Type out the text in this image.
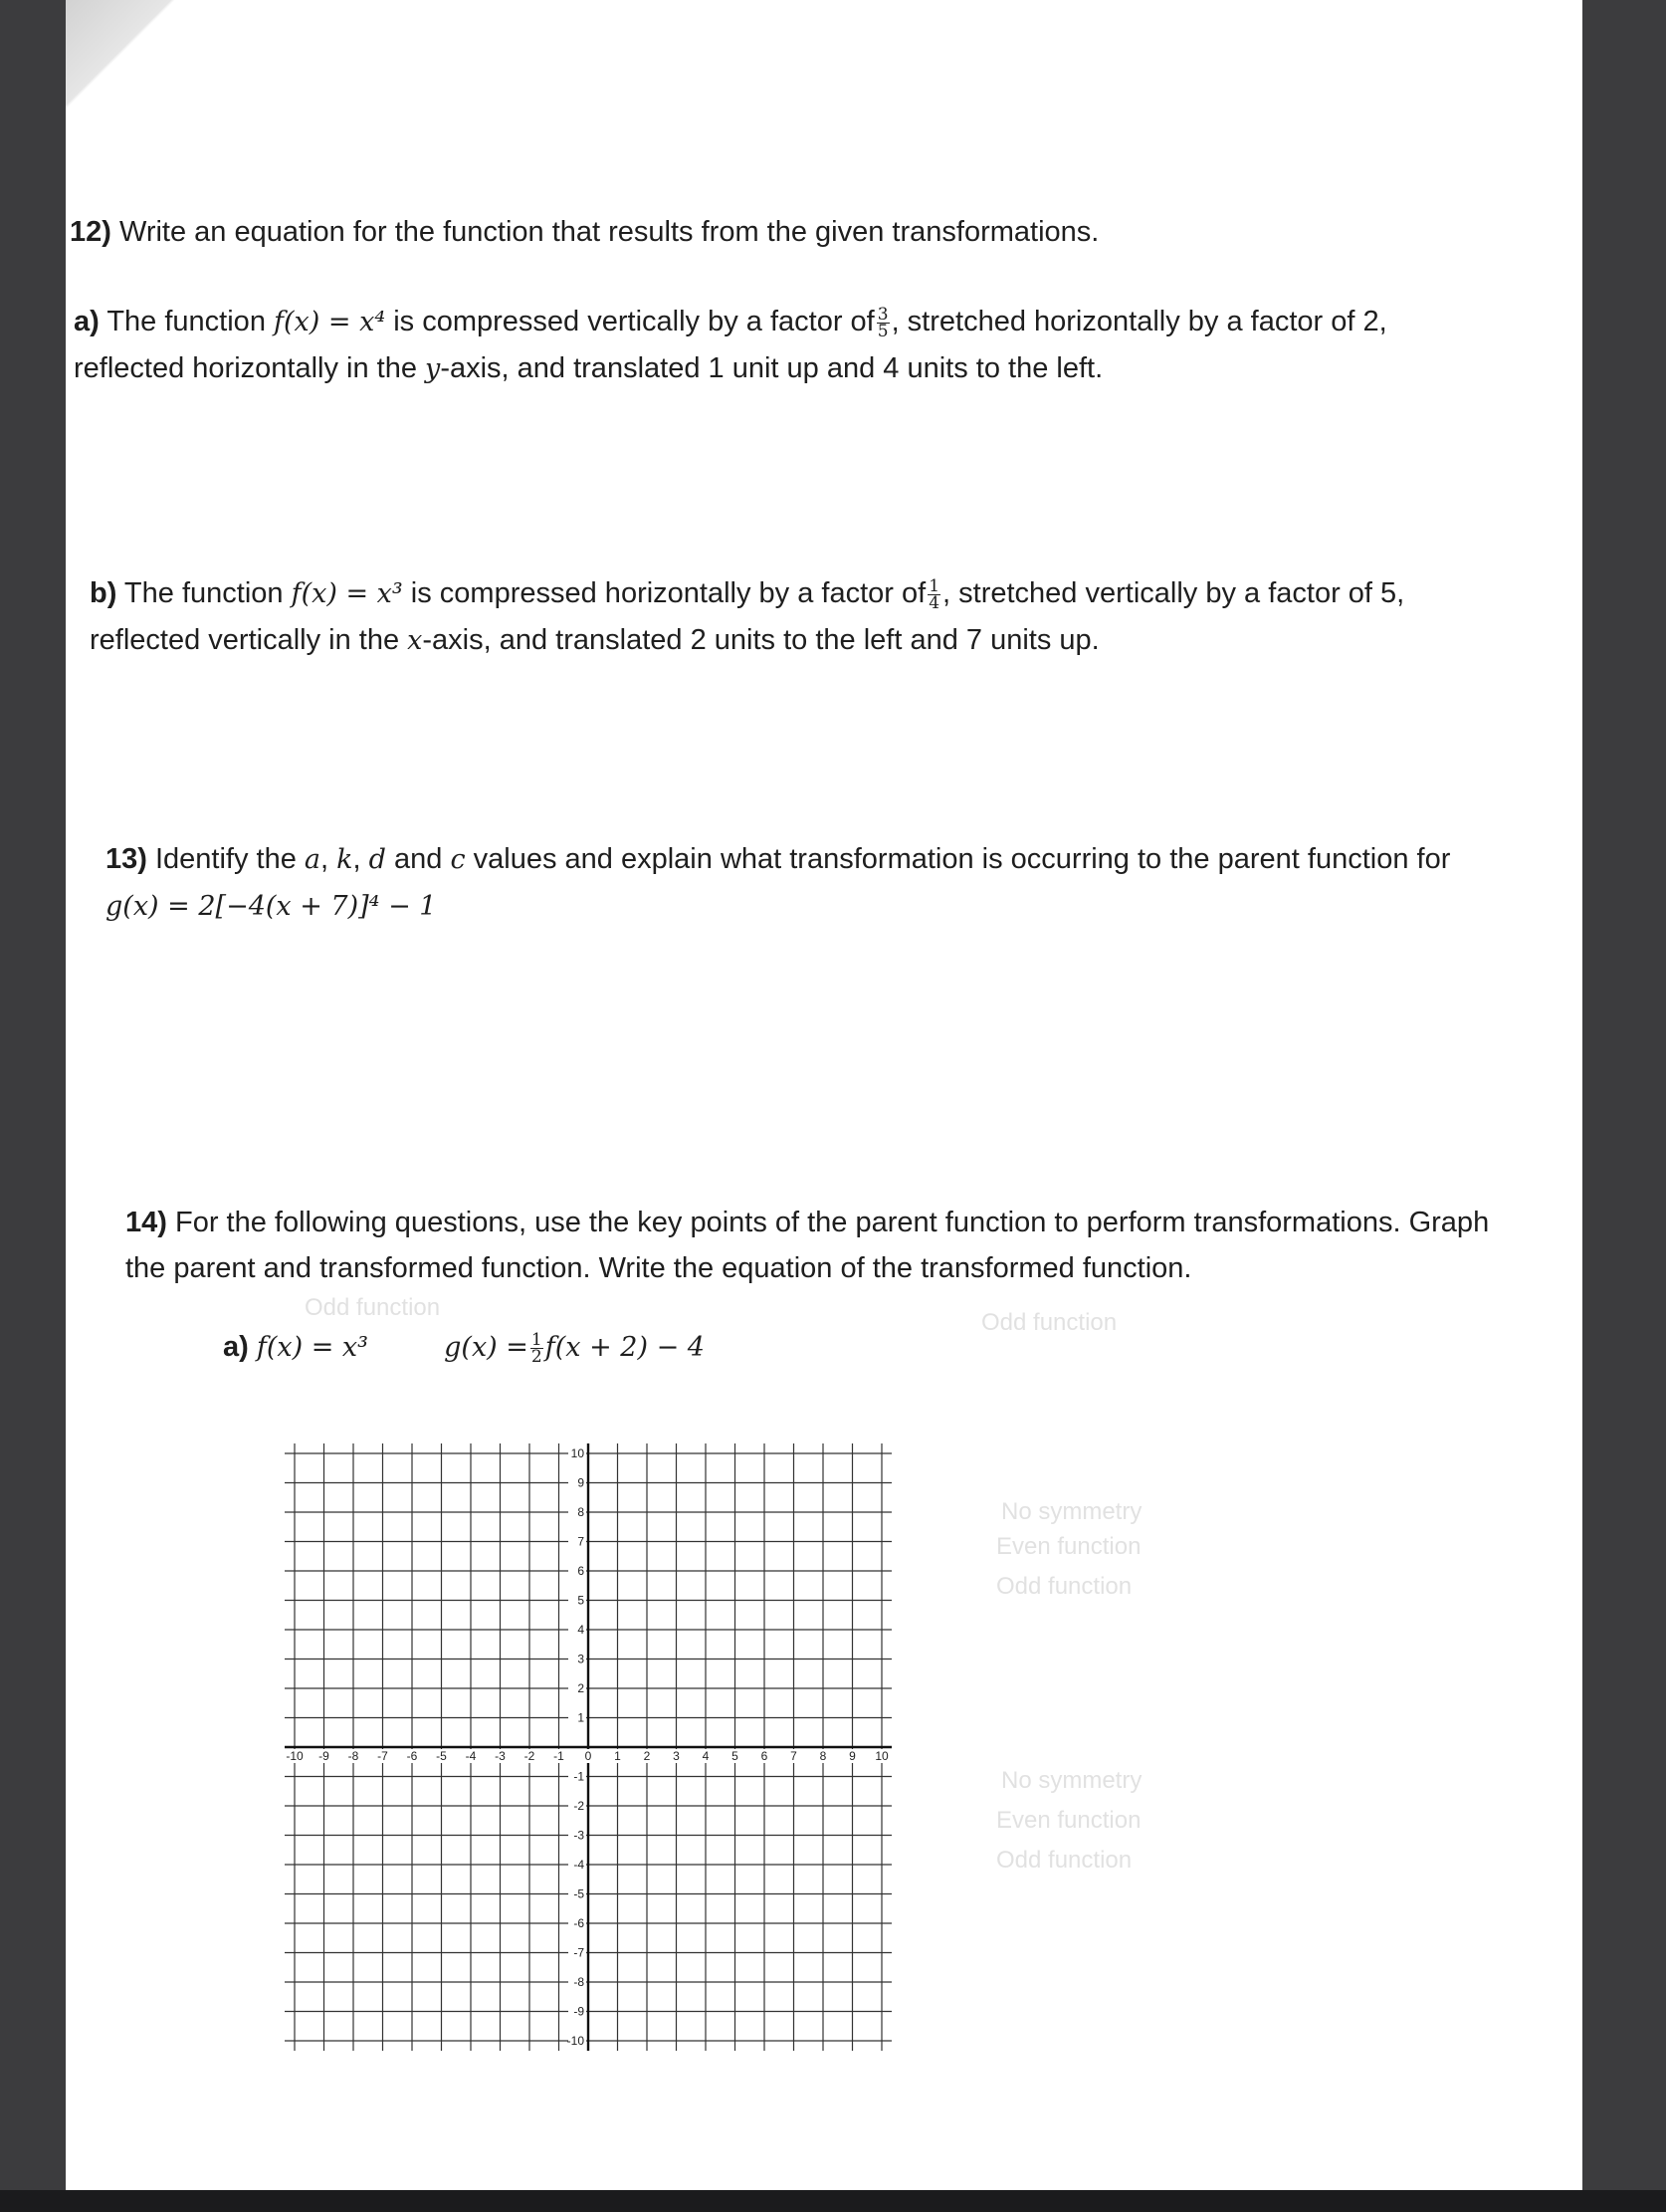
Odd function
No symmetry
Even function
Odd function
No symmetry
Even function
Odd function
Odd function
12) Write an equation for the function that results from the given transformations.
a) The function f(x) = x⁴ is compressed vertically by a factor of $\frac{3}{5}$ , stretched horizontally by a factor of 2,
reflected horizontally in the y-axis, and translated 1 unit up and 4 units to the left.
b) The function f(x) = x³ is compressed horizontally by a factor of $\frac{1}{4}$ , stretched vertically by a factor of 5,
reflected vertically in the x-axis, and translated 2 units to the left and 7 units up.
13) Identify the a, k, d and c values and explain what transformation is occurring to the parent function for
g(x) = 2[−4(x + 7)]⁴ − 1
14) For the following questions, use the key points of the parent function to perform transformations. Graph
the parent and transformed function. Write the equation of the transformed function.
a) f(x) = x³	$g(x) = \frac{1}{2} f(x + 2) - 4$
-10 -9 -8 -7 -6 -5 -4 -3 -2 -1 0 1 2 3 4 5 6 7 8 9 10
10
9
8
7
6
5
4
3
2
1
-1
-2
-3
-4
-5
-6
-7
-8
-9
-10
